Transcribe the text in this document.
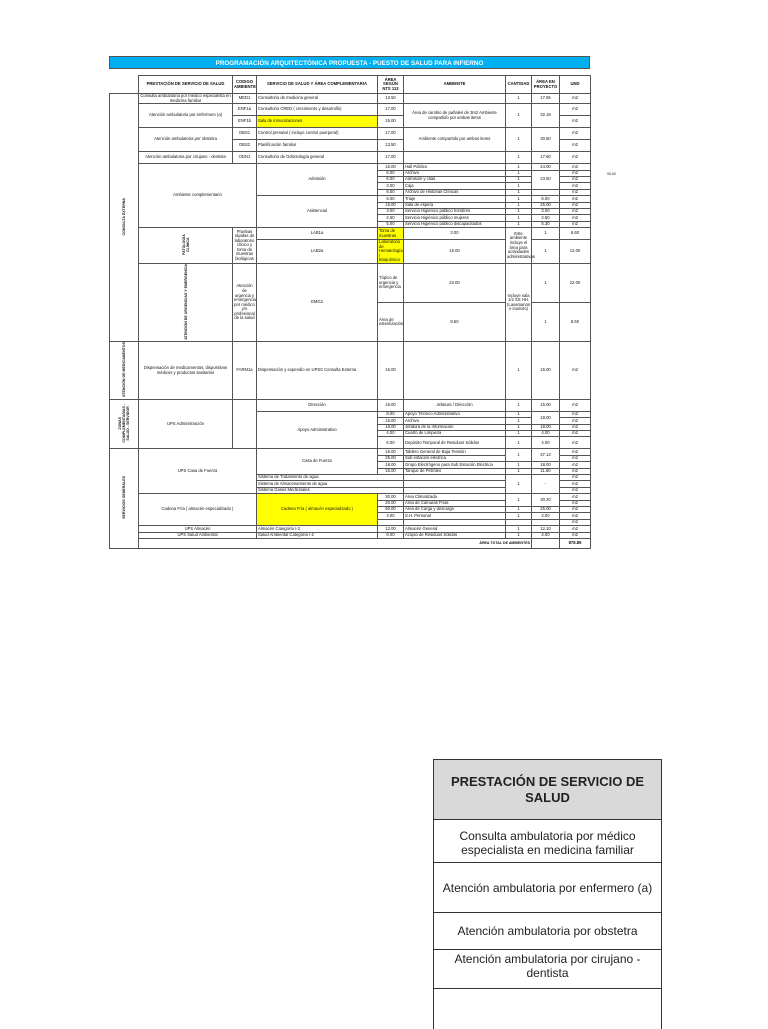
PROGRAMACIÓN ARQUITECTÓNICA PROPUESTA - PUESTO DE SALUD PARA INFIERNO
	PRESTACIÓN DE SERVICIO DE SALUD	CODIGO AMBIENTE	SERVICIO DE SALUD Y ÁREA COMPLEMENTARIA	ÁREA SEGÚN NTS 113	AMBIENTE	CANTIDAD	ÁREA EN PROYECTO	UND	
CONSULTA EXTERNA	Consulta ambulatoria por médico especialista en medicina familiar	MED1	Consultorio de medicina general	13.50		1	17.55	m2	
	Atención ambulatoria por enfermero (a)	ENF1a	Consultorio CRED ( crecimiento y desarrollo)	17.00	Área de cambio de pañales de 3m2 Ambiente compartido por ambas items	1	32.18	m2	
		ENF1b	Sala de inmunizaciones	15.00				m2	
	Atención ambulatoria por obstetra	OBS1	Control prenatal ( incluye control puerperal)	17.00	Ambiente compartido por ambos items	1	30.50	m2	
		OBS2	Planificación familiar	13.50				m2	
	Atención ambulatoria por cirujano - dentista	ODN1	Consultorio de Odontología general	17.00		1	17.60	m2	
	Ambiente complementario		Admisión	15.00	Hall Público	1	24.00	m2	
				6.00	Archivo	1	23.50	m2	
				6.00	Admisión y citas	1		m2	
				3.00	Caja	1		m2	
				6.00	Archivo de Historias Clínicas	1		m2	
			Asistencial	6.00	Triaje	1	6.00	m2	
				15.00	Sala de espera	1	25.00	m2	
				3.00	Servicio Higiénico público hombres	1	3.00	m2	
				2.50	Servicio Higiénico público mujeres	1	2.50	m2	
				5.00	Servicio Higiénico público discapacitados	1	5.30	m2	
	PATOLOGÍA CLÍNICA	Pruebas rápidas de laboratorio clínico y toma de muestras biológicas	LAB1a	Toma de muestras	3.00	Este ambiente incluye el área para actividades administrativas	1	6.60	
			LAB2a	Laboratorio de Hematología / Bioquímica	15.00		1	12.00	
	ATENCIÓN DE URGENCIAS Y EMERGENCIA	Atención de urgencia y emergencia por médico y/o profesional de la salud	EMG2	Tópico de urgencia y emergencia	22.00	Incluye sala 1/2 SS HH. (Lavamanos e inodoro)	1	22.00	
				Área de esterilización	8.50		1	8.50	
ATENCIÓN DE MEDICAMENTOS	Dispensación de medicamentos, dispositivos médicos y productos sanitarios	FARM1a	Dispensación y expendio en UPSS Consulta Externa	15.00		1	15.00	m2	
ZONAS COMPLEMENTARIAS - SALUD - SERVIDOR	UPS Administración		Dirección	15.00	Jefatura / Dirección	1	15.00	m2	
			Apoyo Administrativo	8.00	Apoyo Técnico Administrativo	1	18.00	m2	
				15.00	Archivo	1		m2	
				18.00	Jefatura de la Información	1	18.00	m2	
				4.00	Cuarto de Limpieza	1	4.00	m2	
				6.00	Depósito Temporal de Residuos Sólidos	1	4.00	m2	
SERVICIOS GENERALES	UPS Casa de Fuerza		Casa de Fuerza	15.00	Tablero General de Baja Tensión	1	37.13	m2	
				25.00	Sub estación eléctrica			m2	
				18.00	Grupo Electrógeno para Sub Estación Eléctrica	1	18.00	m2	
				15.00	Tanque de Petróleo	1	11.60	m2	
			Sistema de Tratamiento de agua			1	-	m2	
			Sistema de Almacenamiento de agua					m2	
			Sistema Gases Medicinales					m2	
	Cadena Fría ( almacén especializado )		Cadena Fría ( almacén especializado )	30.00	Área Climatizada	1	30.20	m2	
				20.00	Área de Cámaras Frías			m2	
				60.00	Área de Carga y descarga	1	25.00	m2	
				3.00	S.H. Personal	1	2.00	m2	
								m2	
	UPS Almacén		Almacén Categoría I-2	12.00	Almacén General	1	12.10	m2	
	UPS Salud Ambiental		Salud Ambiental Categoría I-2	8.00	Acopio de Residuos Sólidos	1	4.00	m2	
	ÁREA TOTAL DE AMBIENTES							878.86	
98.80
PRESTACIÓN DE SERVICIO DE SALUD
Consulta ambulatoria por médico especialista en medicina familiar
Atención ambulatoria por enfermero (a)
Atención ambulatoria por obstetra
Atención ambulatoria por cirujano - dentista
